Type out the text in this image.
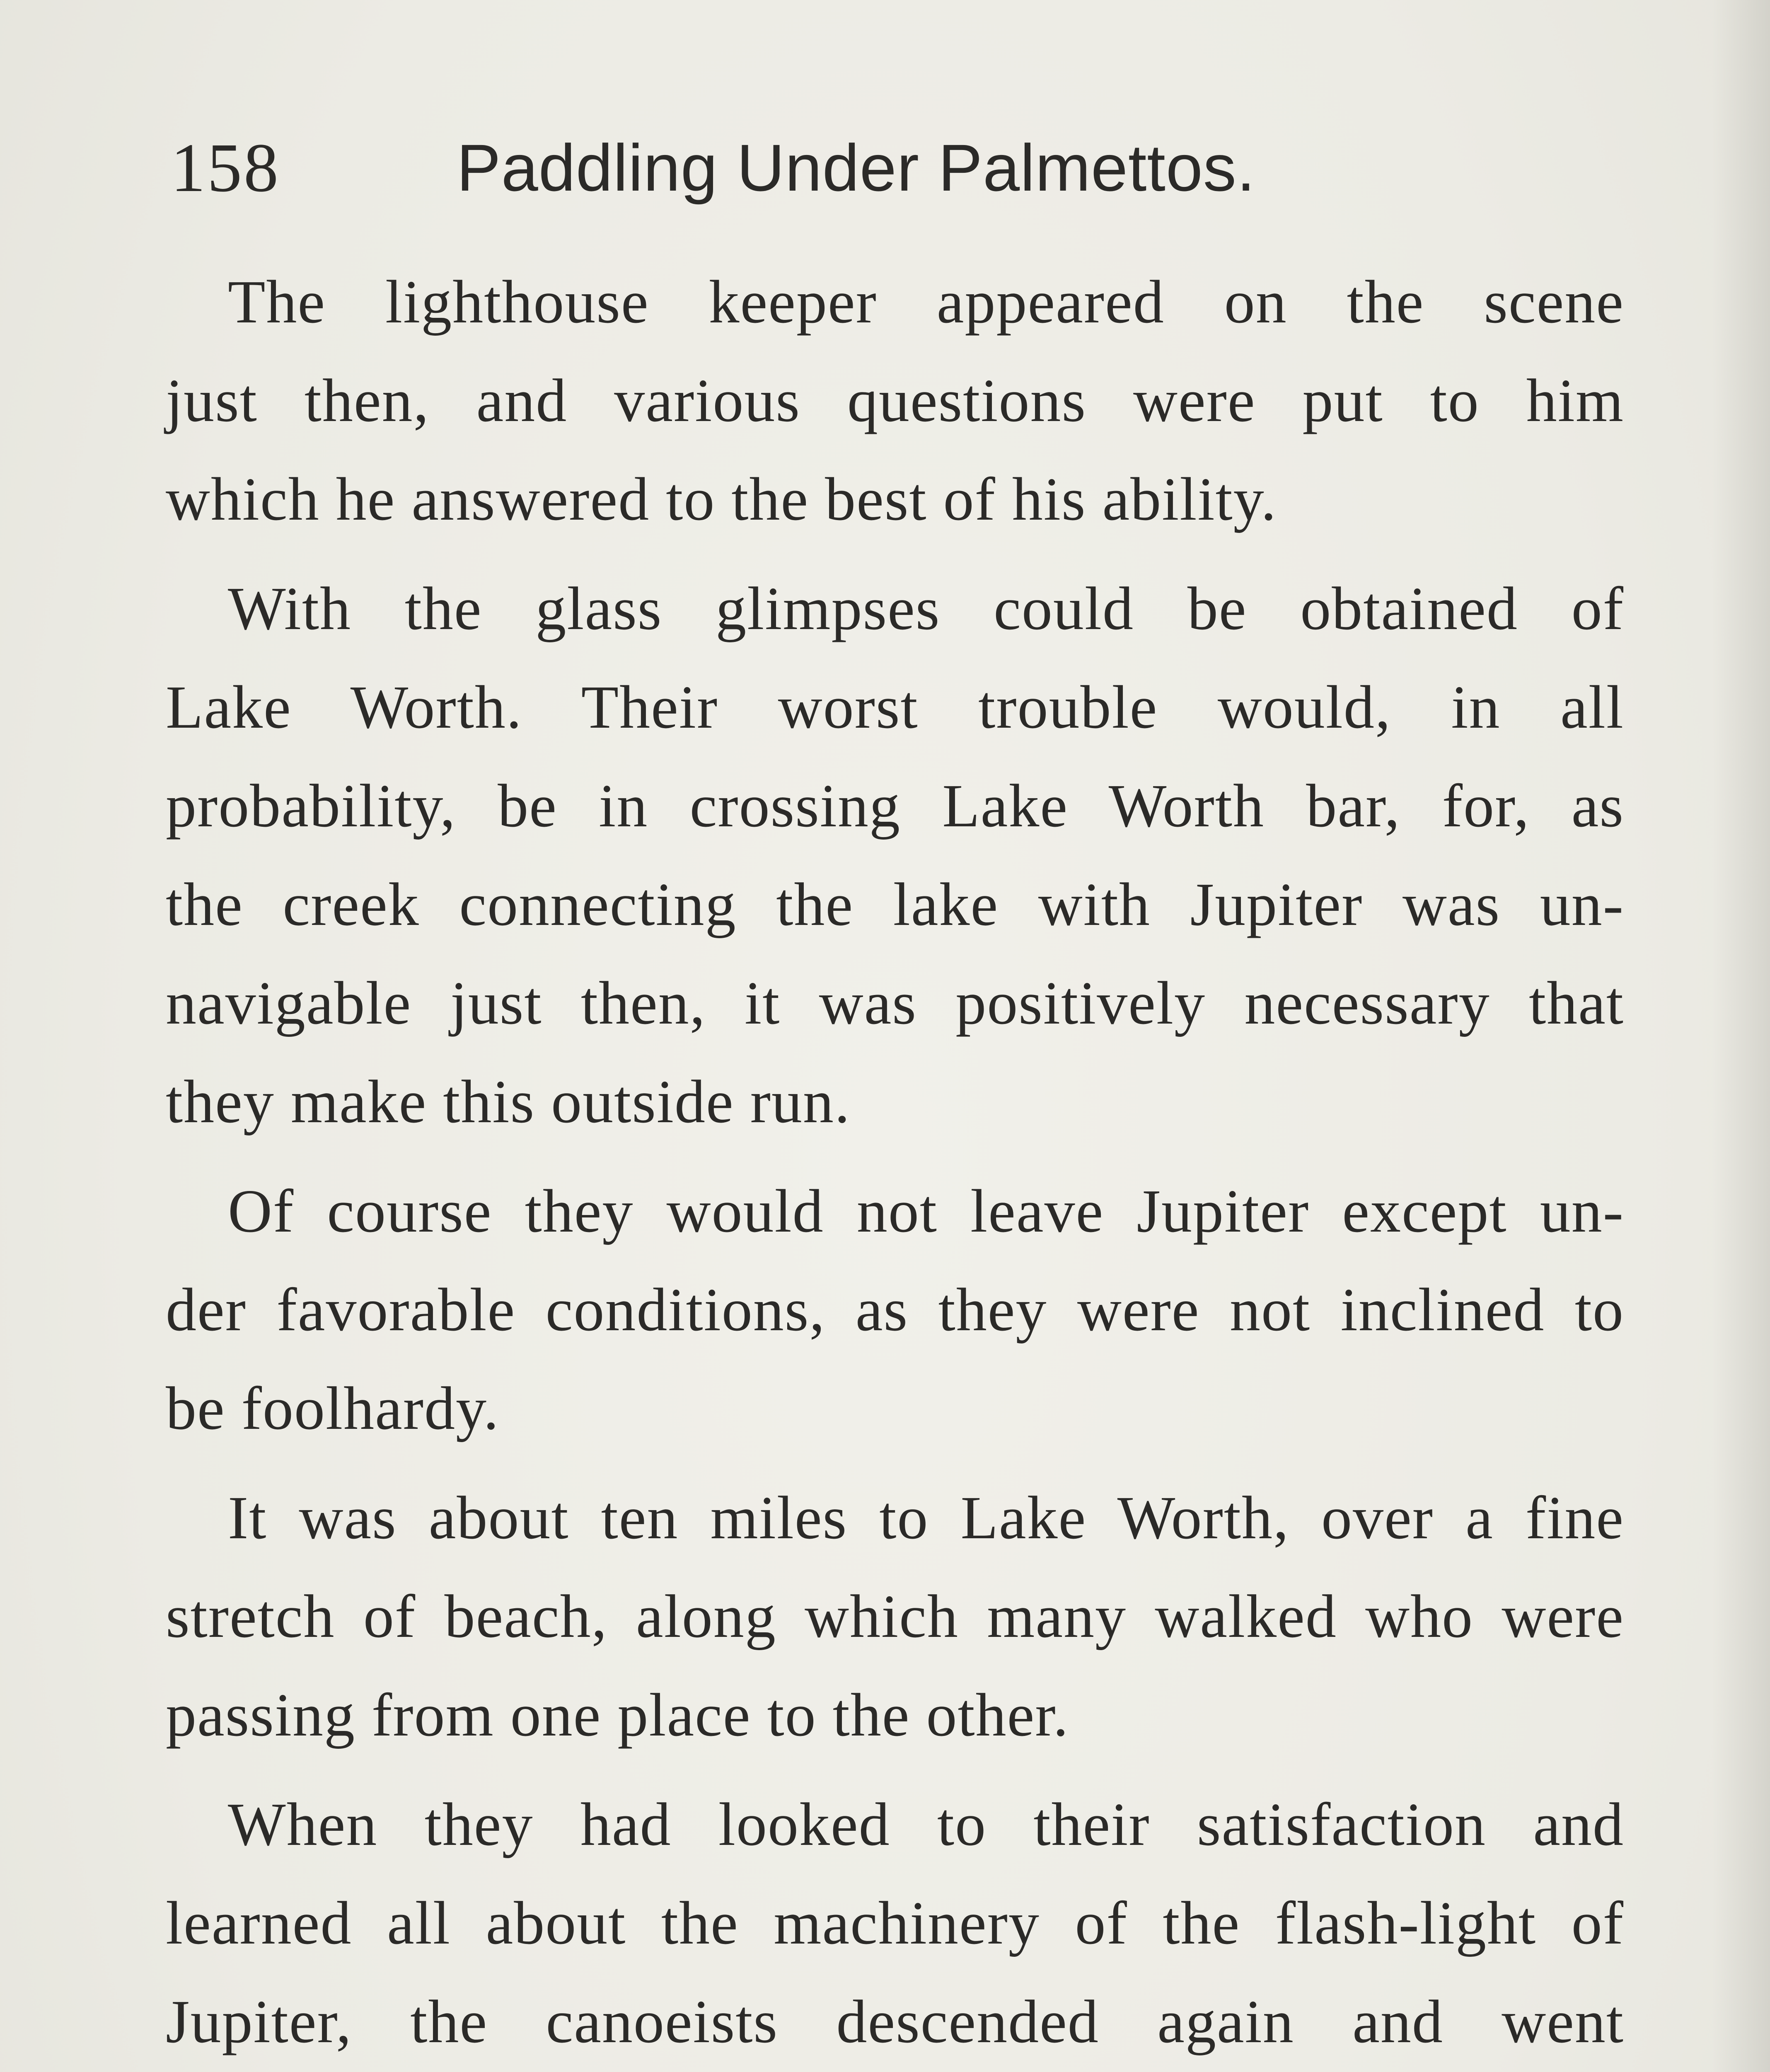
158	Paddling Under Palmettos.
The lighthouse keeper appeared on the scene
just then, and various questions were put to him
which he answered to the best of his ability.
With the glass glimpses could be obtained of
Lake Worth. Their worst trouble would, in all
probability, be in crossing Lake Worth bar, for, as
the creek connecting the lake with Jupiter was un-
navigable just then, it was positively necessary that
they make this outside run.
Of course they would not leave Jupiter except un-
der favorable conditions, as they were not inclined to
be foolhardy.
It was about ten miles to Lake Worth, over a fine
stretch of beach, along which many walked who were
passing from one place to the other.
When they had looked to their satisfaction and
learned all about the machinery of the flash-light of
Jupiter, the canoeists descended again and went
